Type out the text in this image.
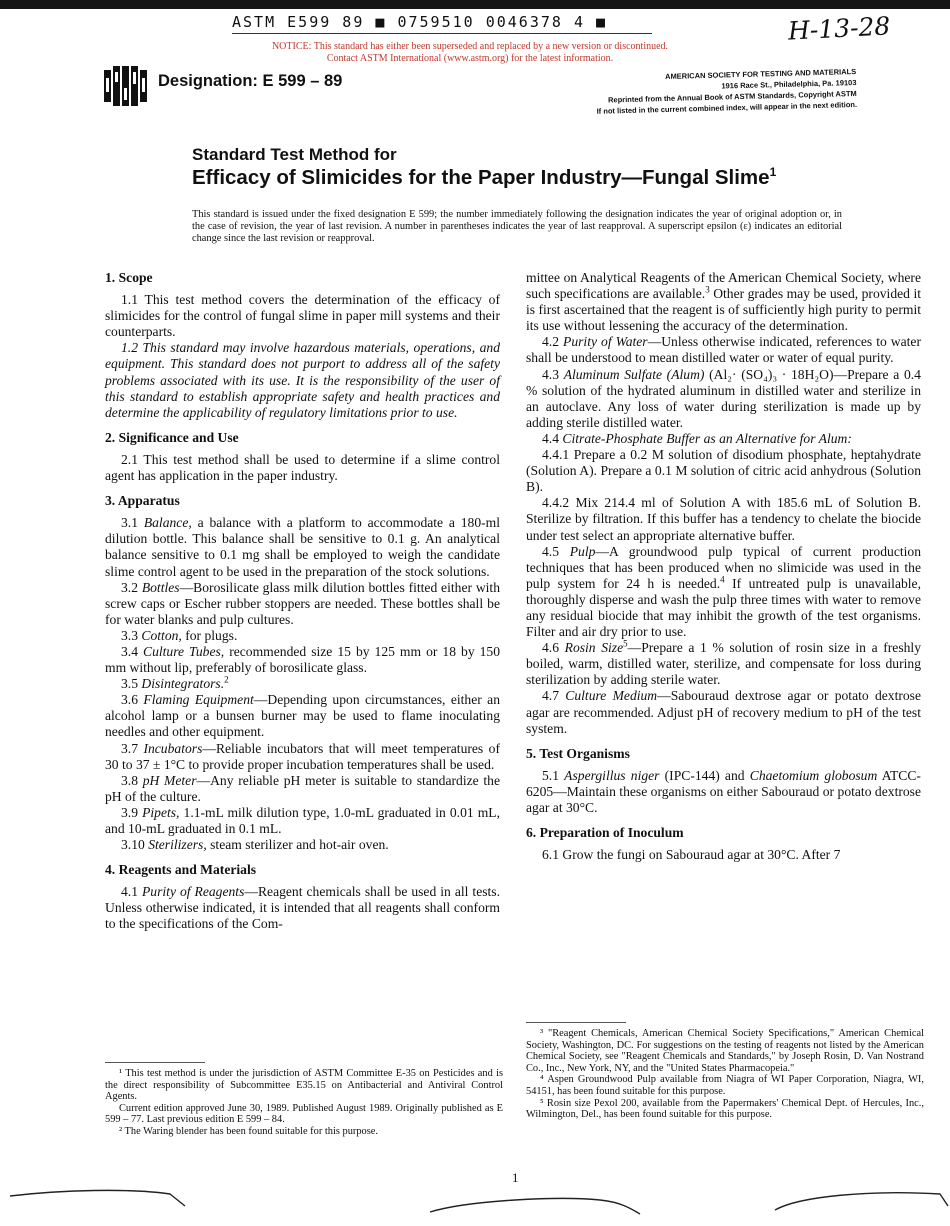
ASTM E599 89 ■ 0759510 0046378 4 ■	H-13-28
NOTICE: This standard has either been superseded and replaced by a new version or discontinued.
Contact ASTM International (www.astm.org) for the latest information.
Designation: E 599 – 89	AMERICAN SOCIETY FOR TESTING AND MATERIALS
1916 Race St., Philadelphia, Pa. 19103
Reprinted from the Annual Book of ASTM Standards, Copyright ASTM
If not listed in the current combined index, will appear in the next edition.
Standard Test Method for
Efficacy of Slimicides for the Paper Industry—Fungal Slime$^1$
This standard is issued under the fixed designation E 599; the number immediately following the designation indicates the year of original adoption or, in the case of revision, the year of last revision. A number in parentheses indicates the year of last reapproval. A superscript epsilon (ε) indicates an editorial change since the last revision or reapproval.

1. Scope

1.1 This test method covers the determination of the efficacy of slimicides for the control of fungal slime in paper mill systems and their counterparts.

1.2 This standard may involve hazardous materials, operations, and equipment. This standard does not purport to address all of the safety problems associated with its use. It is the responsibility of the user of this standard to establish appropriate safety and health practices and determine the applicability of regulatory limitations prior to use.

2. Significance and Use

2.1 This test method shall be used to determine if a slime control agent has application in the paper industry.

3. Apparatus

3.1 Balance, a balance with a platform to accommodate a 180-ml dilution bottle. This balance shall be sensitive to 0.1 g. An analytical balance sensitive to 0.1 mg shall be employed to weigh the candidate slime control agent to be used in the preparation of the stock solutions.

3.2 Bottles—Borosilicate glass milk dilution bottles fitted either with screw caps or Escher rubber stoppers are needed. These bottles shall be for water blanks and pulp cultures.

3.3 Cotton, for plugs.

3.4 Culture Tubes, recommended size 15 by 125 mm or 18 by 150 mm without lip, preferably of borosilicate glass.

3.5 Disintegrators.$^2$

3.6 Flaming Equipment—Depending upon circumstances, either an alcohol lamp or a bunsen burner may be used to flame inoculating needles and other equipment.

3.7 Incubators—Reliable incubators that will meet temperatures of 30 to 37 ± 1°C to provide proper incubation temperatures shall be used.

3.8 pH Meter—Any reliable pH meter is suitable to standardize the pH of the culture.

3.9 Pipets, 1.1-mL milk dilution type, 1.0-mL graduated in 0.01 mL, and 10-mL graduated in 0.1 mL.

3.10 Sterilizers, steam sterilizer and hot-air oven.

4. Reagents and Materials

4.1 Purity of Reagents—Reagent chemicals shall be used in all tests. Unless otherwise indicated, it is intended that all reagents shall conform to the specifications of the Com-

mittee on Analytical Reagents of the American Chemical Society, where such specifications are available.$^3$ Other grades may be used, provided it is first ascertained that the reagent is of sufficiently high purity to permit its use without lessening the accuracy of the determination.

4.2 Purity of Water—Unless otherwise indicated, references to water shall be understood to mean distilled water or water of equal purity.

4.3 Aluminum Sulfate (Alum) (Al₂· (SO₄)₃ · 18H₂O)—Prepare a 0.4 % solution of the hydrated aluminum in distilled water and sterilize in an autoclave. Any loss of water during sterilization is made up by adding sterile distilled water.

4.4 Citrate-Phosphate Buffer as an Alternative for Alum:

4.4.1 Prepare a 0.2 M solution of disodium phosphate, heptahydrate (Solution A). Prepare a 0.1 M solution of citric acid anhydrous (Solution B).

4.4.2 Mix 214.4 ml of Solution A with 185.6 mL of Solution B. Sterilize by filtration. If this buffer has a tendency to chelate the biocide under test select an appropriate alternative buffer.

4.5 Pulp—A groundwood pulp typical of current production techniques that has been produced when no slimicide was used in the pulp system for 24 h is needed.$^4$ If untreated pulp is unavailable, thoroughly disperse and wash the pulp three times with water to remove any residual biocide that may inhibit the growth of the test organisms. Filter and air dry prior to use.

4.6 Rosin Size$^5$—Prepare a 1 % solution of rosin size in a freshly boiled, warm, distilled water, sterilize, and compensate for loss during sterilization by adding sterile water.

4.7 Culture Medium—Sabouraud dextrose agar or potato dextrose agar are recommended. Adjust pH of recovery medium to pH of the test system.

5. Test Organisms

5.1 Aspergillus niger (IPC-144) and Chaetomium globosum ATCC-6205—Maintain these organisms on either Sabouraud or potato dextrose agar at 30°C.

6. Preparation of Inoculum

6.1 Grow the fungi on Sabouraud agar at 30°C. After 7

¹ This test method is under the jurisdiction of ASTM Committee E-35 on Pesticides and is the direct responsibility of Subcommittee E35.15 on Antibacterial and Antiviral Control Agents.

Current edition approved June 30, 1989. Published August 1989. Originally published as E 599 – 77. Last previous edition E 599 – 84.

² The Waring blender has been found suitable for this purpose.

³ "Reagent Chemicals, American Chemical Society Specifications," American Chemical Society, Washington, DC. For suggestions on the testing of reagents not listed by the American Chemical Society, see "Reagent Chemicals and Standards," by Joseph Rosin, D. Van Nostrand Co., Inc., New York, NY, and the "United States Pharmacopeia."

⁴ Aspen Groundwood Pulp available from Niagra of WI Paper Corporation, Niagra, WI, 54151, has been found suitable for this purpose.

⁵ Rosin size Pexol 200, available from the Papermakers' Chemical Dept. of Hercules, Inc., Wilmington, Del., has been found suitable for this purpose.

1
